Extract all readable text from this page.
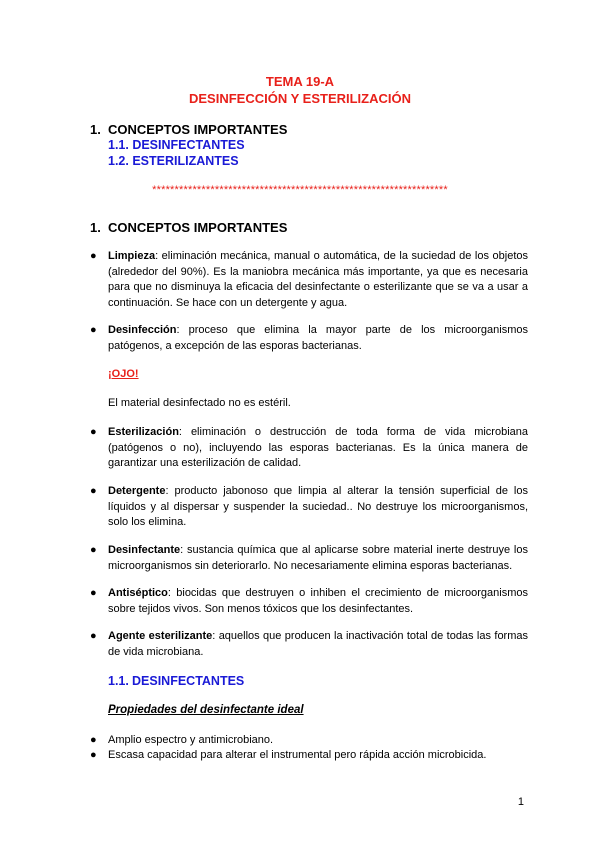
TEMA 19-A
DESINFECCIÓN Y ESTERILIZACIÓN
1. CONCEPTOS IMPORTANTES
1.1. DESINFECTANTES
1.2. ESTERILIZANTES
******************************************************************
1. CONCEPTOS IMPORTANTES
●	Limpieza: eliminación mecánica, manual o automática, de la suciedad de los objetos (alrededor del 90%). Es la maniobra mecánica más importante, ya que es necesaria para que no disminuya la eficacia del desinfectante o esterilizante que se va a usar a continuación. Se hace con un detergente y agua.
●	Desinfección: proceso que elimina la mayor parte de los microorganismos patógenos, a excepción de las esporas bacterianas.
¡OJO!
El material desinfectado no es estéril.
●	Esterilización: eliminación o destrucción de toda forma de vida microbiana (patógenos o no), incluyendo las esporas bacterianas. Es la única manera de garantizar una esterilización de calidad.
●	Detergente: producto jabonoso que limpia al alterar la tensión superficial de los líquidos y al dispersar y suspender la suciedad.. No destruye los microorganismos, solo los elimina.
●	Desinfectante: sustancia química que al aplicarse sobre material inerte destruye los microorganismos sin deteriorarlo. No necesariamente elimina esporas bacterianas.
●	Antiséptico: biocidas que destruyen o inhiben el crecimiento de microorganismos sobre tejidos vivos. Son menos tóxicos que los desinfectantes.
●	Agente esterilizante: aquellos que producen la inactivación total de todas las formas de vida microbiana.
1.1. DESINFECTANTES
Propiedades del desinfectante ideal
● Amplio espectro y antimicrobiano.
● Escasa capacidad para alterar el instrumental pero rápida acción microbicida.
1
